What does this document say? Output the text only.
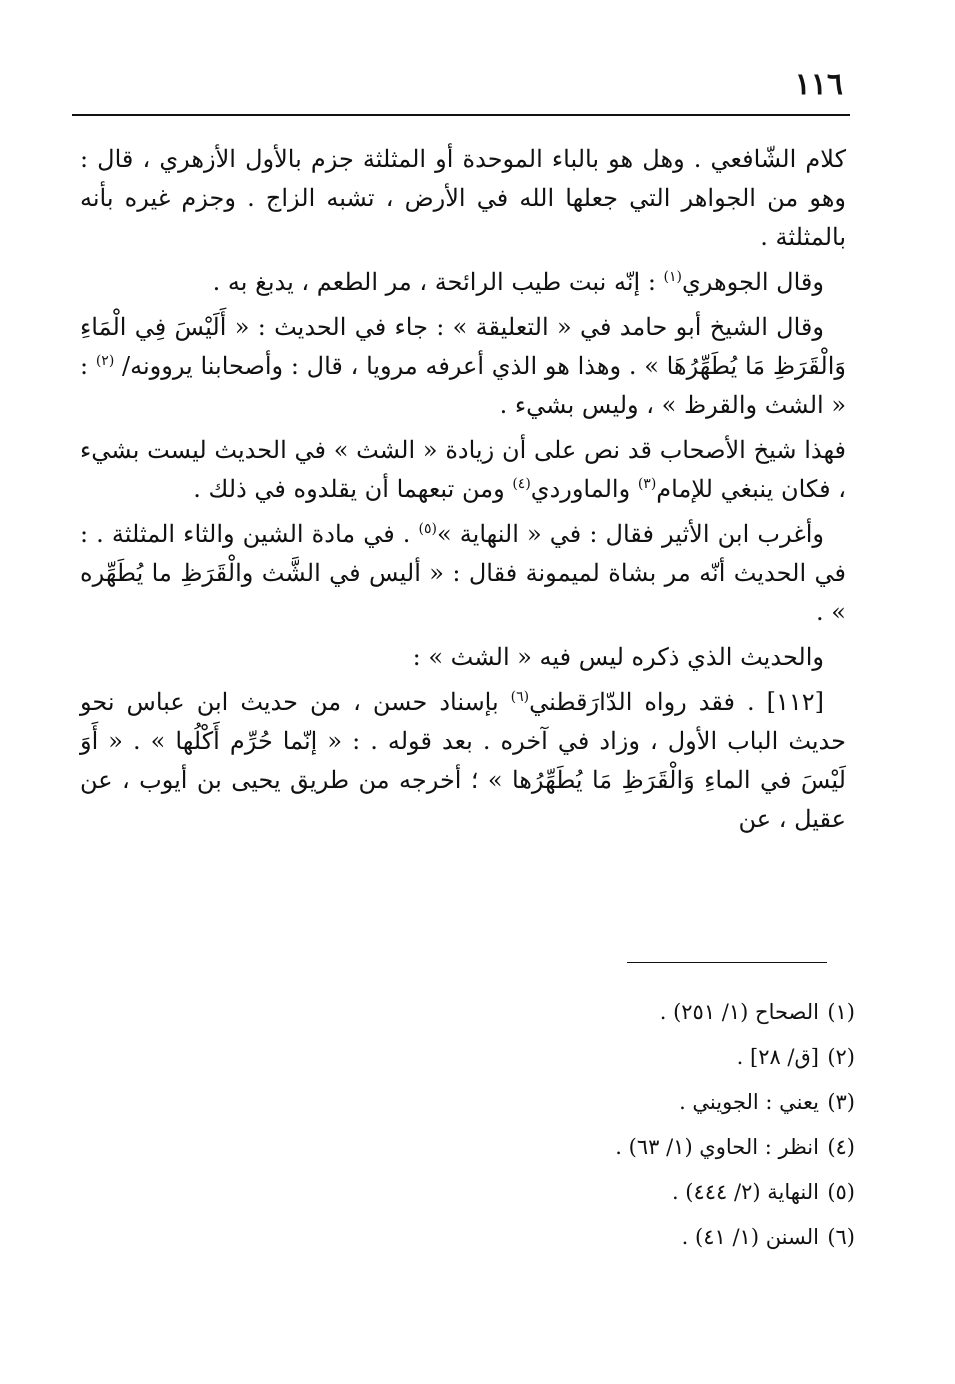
١١٦

كلام الشّافعي . وهل هو بالباء الموحدة أو المثلثة جزم بالأول الأزهري ، قال : وهو من الجواهر التي جعلها الله في الأرض ، تشبه الزاج . وجزم غيره بأنه بالمثلثة .

وقال الجوهري$^{(١)}$ : إنّه نبت طيب الرائحة ، مر الطعم ، يدبغ به .

وقال الشيخ أبو حامد في « التعليقة » : جاء في الحديث : « أَلَيْسَ فِي الْمَاءِ وَالْقَرَظِ مَا يُطَهِّرُهَا » . وهذا هو الذي أعرفه مرويا ، قال : وأصحابنا يروونه/ $^{(٢)}$ : « الشث والقرظ » ، وليس بشيء .

فهذا شيخ الأصحاب قد نص على أن زيادة « الشث » في الحديث ليست بشيء ، فكان ينبغي للإمام$^{(٣)}$ والماوردي$^{(٤)}$ ومن تبعهما أن يقلدوه في ذلك .

وأغرب ابن الأثير فقال : في « النهاية »$^{(٥)}$ . في مادة الشين والثاء المثلثة . : في الحديث أنّه مر بشاة لميمونة فقال : « أليس في الشَّث والْقَرَظِ ما يُطَهِّره » .

والحديث الذي ذكره ليس فيه « الشث » :

[١١٢] . فقد رواه الدّارَقطني$^{(٦)}$ بإسناد حسن ، من حديث ابن عباس نحو حديث الباب الأول ، وزاد في آخره . بعد قوله . : « إنّما حُرِّم أَكْلُها » . « أَوَ لَيْسَ في الماءِ وَالْقَرَظِ مَا يُطَهِّرُها » ؛ أخرجه من طريق يحيى بن أيوب ، عن عقيل ، عن

(١)الصحاح (١/ ٢٥١) .
(٢)[ق/ ٢٨] .
(٣)يعني : الجويني .
(٤)انظر : الحاوي (١/ ٦٣) .
(٥)النهاية (٢/ ٤٤٤) .
(٦)السنن (١/ ٤١) .
